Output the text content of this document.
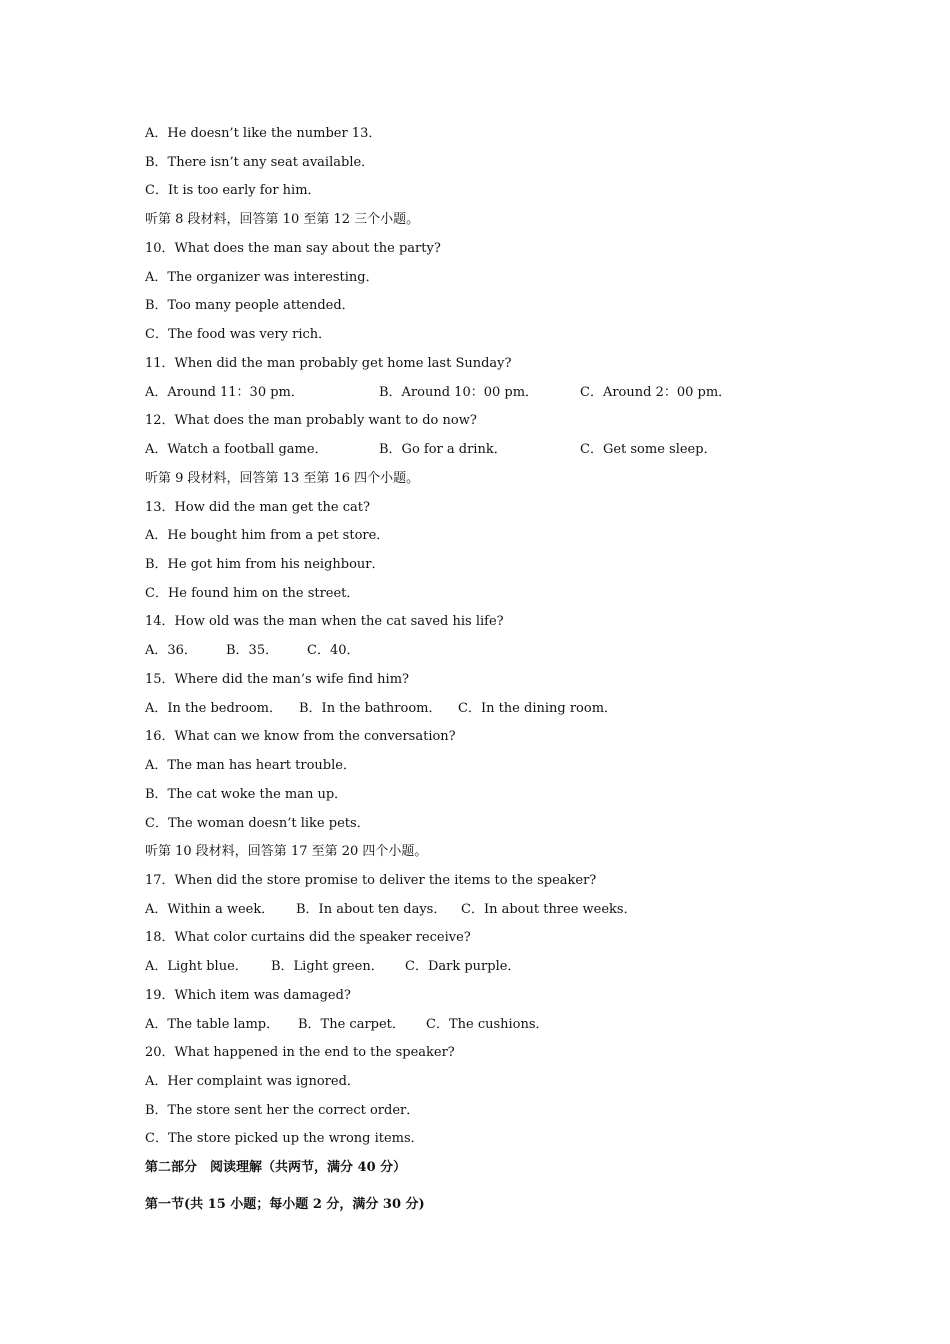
A．He doesn’t like the number 13．
B．There isn’t any seat available．
C．It is too early for him．
听第 8 段材料，回答第 10 至第 12 三个小题。
10．What does the man say about the party?
A．The organizer was interesting．
B．Too many people attended．
C．The food was very rich．
11．When did the man probably get home last Sunday?
A．Around 11：30 pm．	B．Around 10：00 pm．	C．Around 2：00 pm．
12．What does the man probably want to do now?
A．Watch a football game．	B．Go for a drink．	C．Get some sleep．
听第 9 段材料，回答第 13 至第 16 四个小题。
13．How did the man get the cat?
A．He bought him from a pet store．
B．He got him from his neighbour．
C．He found him on the street．
14．How old was the man when the cat saved his life?
A．36． B．35． C．40．
15．Where did the man’s wife find him?
A．In the bedroom． B．In the bathroom． C．In the dining room．
16．What can we know from the conversation?
A．The man has heart trouble．
B．The cat woke the man up．
C．The woman doesn’t like pets．
听第 10 段材料，回答第 17 至第 20 四个小题。
17．When did the store promise to deliver the items to the speaker?
A．Within a week． B．In about ten days． C．In about three weeks．
18．What color curtains did the speaker receive?
A．Light blue． B．Light green． C．Dark purple．
19．Which item was damaged?
A．The table lamp． B．The carpet． C．The cushions．
20．What happened in the end to the speaker?
A．Her complaint was ignored．
B．The store sent her the correct order．
C．The store picked up the wrong items．
第二部分　阅读理解（共两节，满分 40 分）
第一节(共 15 小题；每小题 2 分，满分 30 分)
